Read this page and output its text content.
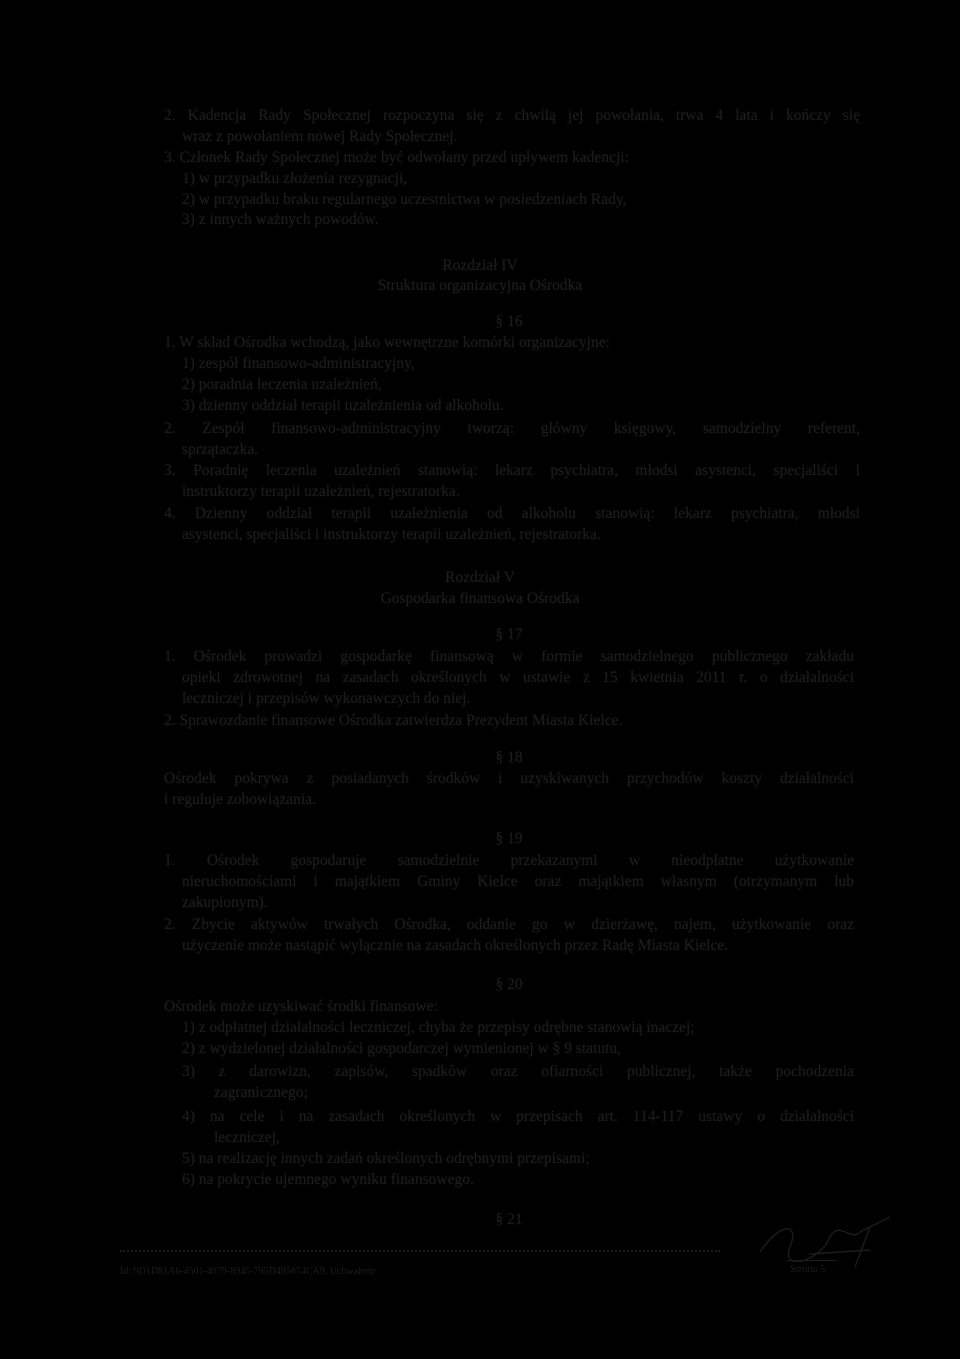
2. Kadencja Rady Społecznej rozpoczyna się z chwilą jej powołania, trwa 4 lata i kończy się
wraz z powołaniem nowej Rady Społecznej.
3. Członek Rady Społecznej może być odwołany przed upływem kadencji:
1) w przypadku złożenia rezygnacji,
2) w przypadku braku regularnego uczestnictwa w posiedzeniach Rady,
3) z innych ważnych powodów.
Rozdział IV
Struktura organizacyjna Ośrodka
§ 16
1. W skład Ośrodka wchodzą, jako wewnętrzne komórki organizacyjne:
1) zespół finansowo-administracyjny,
2) poradnia leczenia uzależnień,
3) dzienny oddział terapii uzależnienia od alkoholu.
2. Zespół finansowo-administracyjny tworzą: główny księgowy, samodzielny referent,
sprzątaczka.
3. Poradnię leczenia uzależnień stanowią: lekarz psychiatra, młodsi asystenci, specjaliści i
instruktorzy terapii uzależnień, rejestratorka.
4. Dzienny oddział terapii uzależnienia od alkoholu stanowią: lekarz psychiatra, młodsi
asystenci, specjaliści i instruktorzy terapii uzależnień, rejestratorka.
Rozdział V
Gospodarka finansowa Ośrodka
§ 17
1. Ośrodek prowadzi gospodarkę finansową w formie samodzielnego publicznego zakładu
opieki zdrowotnej na zasadach określonych w ustawie z 15 kwietnia 2011 r. o działalności
leczniczej i przepisów wykonawczych do niej.
2. Sprawozdanie finansowe Ośrodka zatwierdza Prezydent Miasta Kielce.
§ 18
Ośrodek pokrywa z posiadanych środków i uzyskiwanych przychodów koszty działalności
i reguluje zobowiązania.
§ 19
1. Ośrodek gospodaruje samodzielnie przekazanymi w nieodpłatne użytkowanie
nieruchomościami i majątkiem Gminy Kielce oraz majątkiem własnym (otrzymanym lub
zakupionym).
2. Zbycie aktywów trwałych Ośrodka, oddanie go w dzierżawę, najem, użytkowanie oraz
użyczenie może nastąpić wyłącznie na zasadach określonych przez Radę Miasta Kielce.
§ 20
Ośrodek może uzyskiwać środki finansowe:
1) z odpłatnej działalności leczniczej, chyba że przepisy odrębne stanowią inaczej;
2) z wydzielonej działalności gospodarczej wymienionej w § 9 statutu,
3) z darowizn, zapisów, spadków oraz ofiarności publicznej, także pochodzenia
zagranicznego;
4) na cele i na zasadach określonych w przepisach art. 114-117 ustawy o działalności
leczniczej,
5) na realizację innych zadań określonych odrębnymi przepisami;
6) na pokrycie ujemnego wyniku finansowego.
§ 21
Id: 9D1D81A6-4501-4979-8945-795D485874CA9. Uchwalony	Strona 5
